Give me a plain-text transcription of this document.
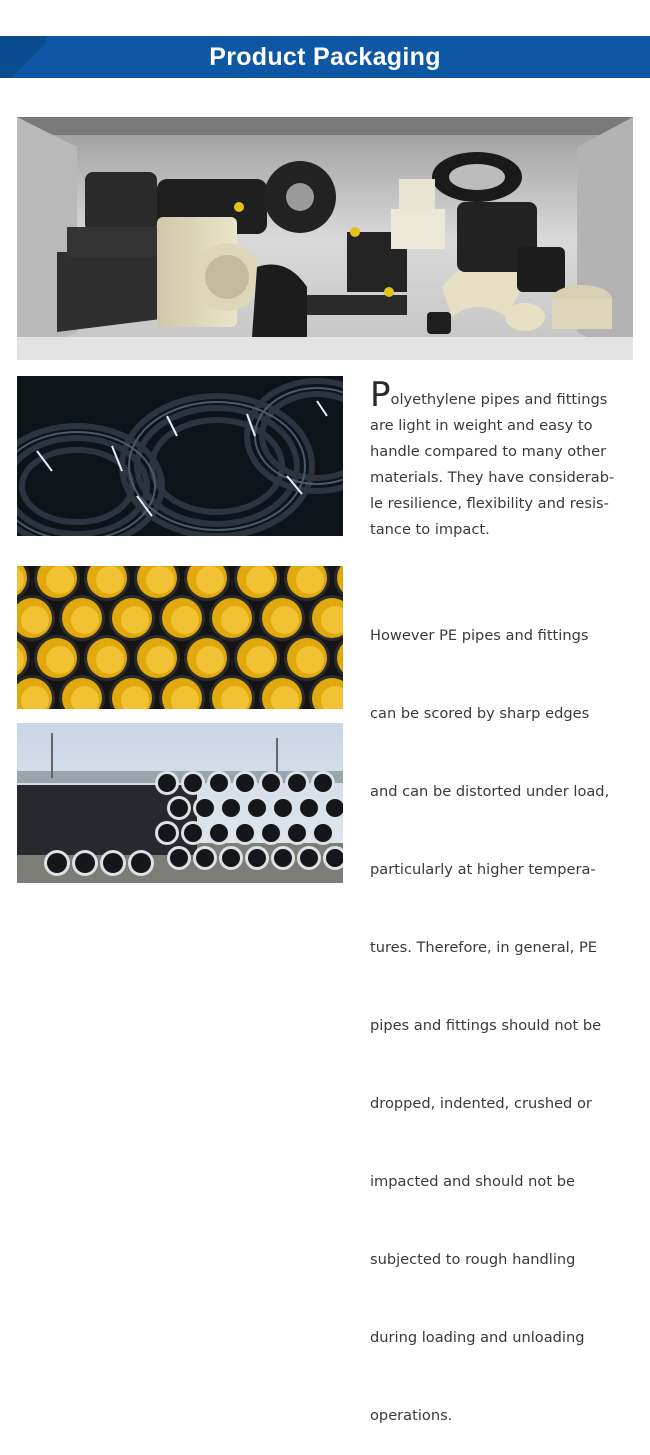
Product Packaging
Polyethylene pipes and fittings
are light in weight and easy to
handle compared to many other
materials. They have considerab-
le resilience, flexibility and resis-
tance to impact.

However PE pipes and fittings

can be scored by sharp edges

and can be distorted under load,

particularly at higher tempera-

tures. Therefore, in general, PE

pipes and fittings should not be

dropped, indented, crushed or

impacted and should not be

subjected to rough handling

during loading and unloading

operations.
